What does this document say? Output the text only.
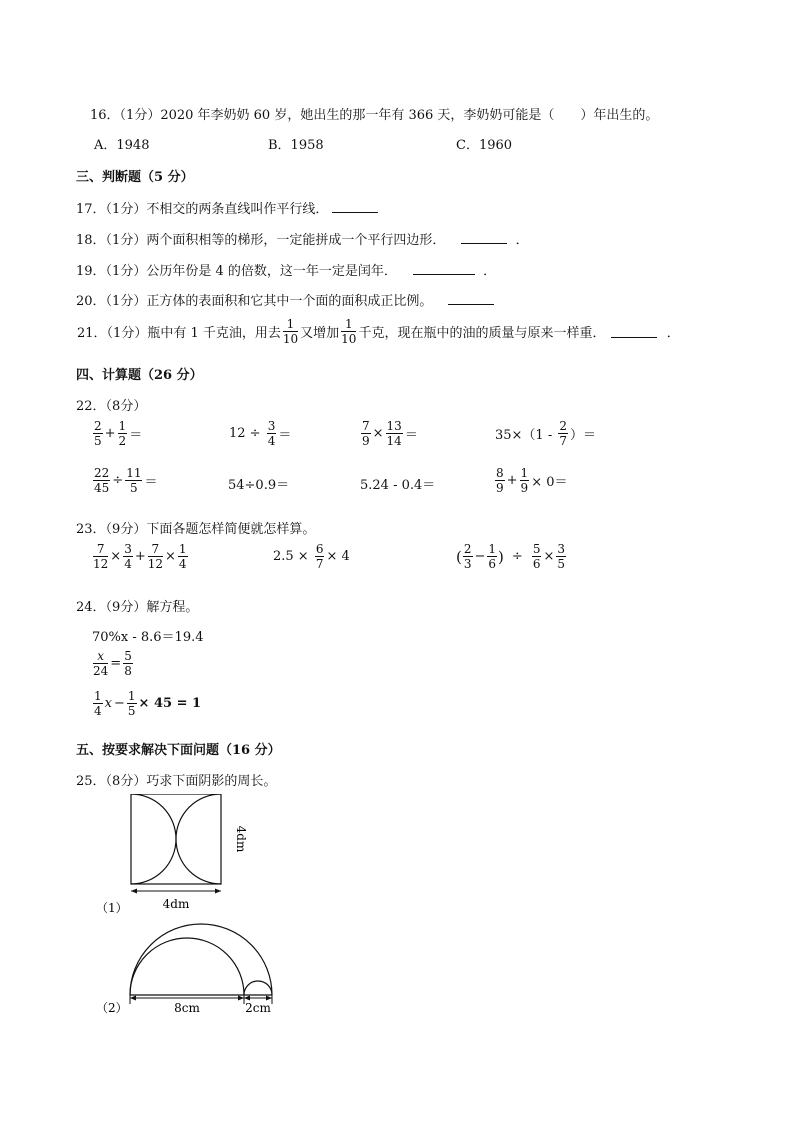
16．（1分）2020 年李奶奶 60 岁，她出生的那一年有 366 天，李奶奶可能是（　　）年出生的。
A．1948	B．1958	C．1960
三、判断题（5 分）
17．（1分）不相交的两条直线叫作平行线．
18．（1分）两个面积相等的梯形，一定能拼成一个平行四边形．	．
19．（1分）公历年份是 4 的倍数，这一年一定是闰年．	．
20．（1分）正方体的表面积和它其中一个面的面积成正比例。
21．（1分）瓶中有 1 千克油，用去 $\frac{1}{10}$ 又增加 $\frac{1}{10}$ 千克，现在瓶中的油的质量与原来一样重．	．
四、计算题（26 分）
22．（8分）
$\frac{2}{5} + \frac{1}{2}$ ＝	$12 \div \frac{3}{4}$ ＝	$\frac{7}{9} \times \frac{13}{14}$ ＝	$35\times(1 - \frac{2}{7}$ ）＝
$\frac{22}{45} \div \frac{11}{5}$ ＝	54÷0.9＝	5.24 - 0.4＝	$\frac{8}{9} + \frac{1}{9} \times 0=$
23．（9分）下面各题怎样简便就怎样算。
$\frac{7}{12} \times \frac{3}{4} + \frac{7}{12} \times \frac{1}{4}$	$2.5 \times \frac{6}{7} \times 4$	( $\frac{2}{3} - \frac{1}{6}$ ) ÷ $\frac{5}{6} \times \frac{3}{5}$
24．（9分）解方程。
70%x - 8.6＝19.4
$\frac{x}{24} = \frac{5}{8}$
$\frac{1}{4}$ $x - \frac{1}{5} \times 45 = 1$
五、按要求解决下面问题（16 分）
25．（8分）巧求下面阴影的周长。
4dm
4dm
（1）
8cm	2cm
（2）
